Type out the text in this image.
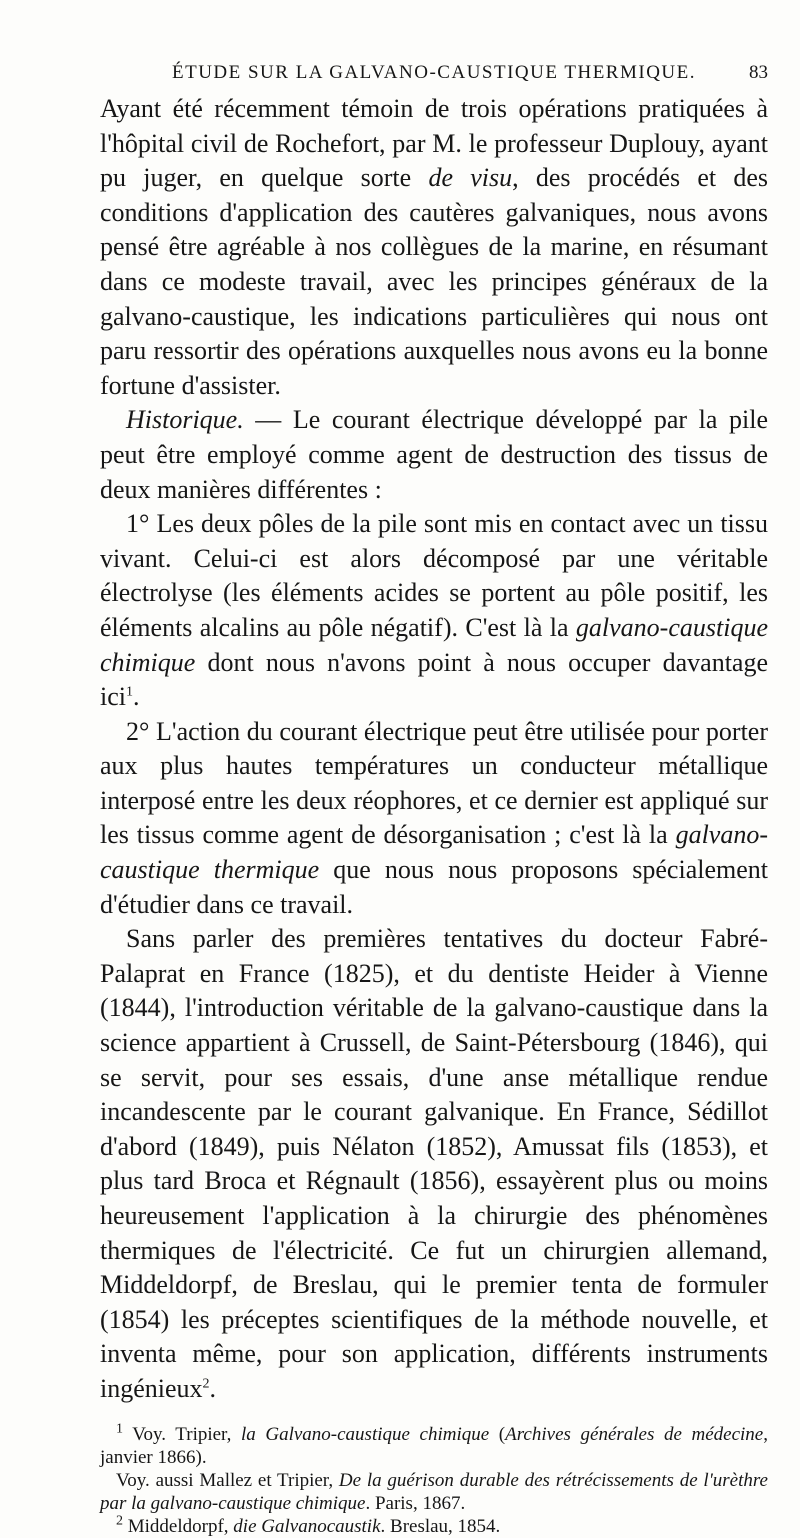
ÉTUDE SUR LA GALVANO-CAUSTIQUE THERMIQUE.	83
Ayant été récemment témoin de trois opérations pratiquées à l'hôpital civil de Rochefort, par M. le professeur Duplouy, ayant pu juger, en quelque sorte de visu, des procédés et des conditions d'application des cautères galvaniques, nous avons pensé être agréable à nos collègues de la marine, en résumant dans ce modeste travail, avec les principes généraux de la galvano-caustique, les indications particulières qui nous ont paru ressortir des opérations auxquelles nous avons eu la bonne fortune d'assister.
Historique. — Le courant électrique développé par la pile peut être employé comme agent de destruction des tissus de deux manières différentes :
1° Les deux pôles de la pile sont mis en contact avec un tissu vivant. Celui-ci est alors décomposé par une véritable électrolyse (les éléments acides se portent au pôle positif, les éléments alcalins au pôle négatif). C'est là la galvano-caustique chimique dont nous n'avons point à nous occuper davantage ici$^1$.
2° L'action du courant électrique peut être utilisée pour porter aux plus hautes températures un conducteur métallique interposé entre les deux réophores, et ce dernier est appliqué sur les tissus comme agent de désorganisation ; c'est là la galvano-caustique thermique que nous nous proposons spécialement d'étudier dans ce travail.
Sans parler des premières tentatives du docteur Fabré-Palaprat en France (1825), et du dentiste Heider à Vienne (1844), l'introduction véritable de la galvano-caustique dans la science appartient à Crussell, de Saint-Pétersbourg (1846), qui se servit, pour ses essais, d'une anse métallique rendue incandescente par le courant galvanique. En France, Sédillot d'abord (1849), puis Nélaton (1852), Amussat fils (1853), et plus tard Broca et Régnault (1856), essayèrent plus ou moins heureusement l'application à la chirurgie des phénomènes thermiques de l'électricité. Ce fut un chirurgien allemand, Middeldorpf, de Breslau, qui le premier tenta de formuler (1854) les préceptes scientifiques de la méthode nouvelle, et inventa même, pour son application, différents instruments ingénieux$^2$.
$^1$ Voy. Tripier, la Galvano-caustique chimique (Archives générales de médecine, janvier 1866).
Voy. aussi Mallez et Tripier, De la guérison durable des rétrécissements de l'urèthre par la galvano-caustique chimique. Paris, 1867.
$^2$ Middeldorpf, die Galvanocaustik. Breslau, 1854.
